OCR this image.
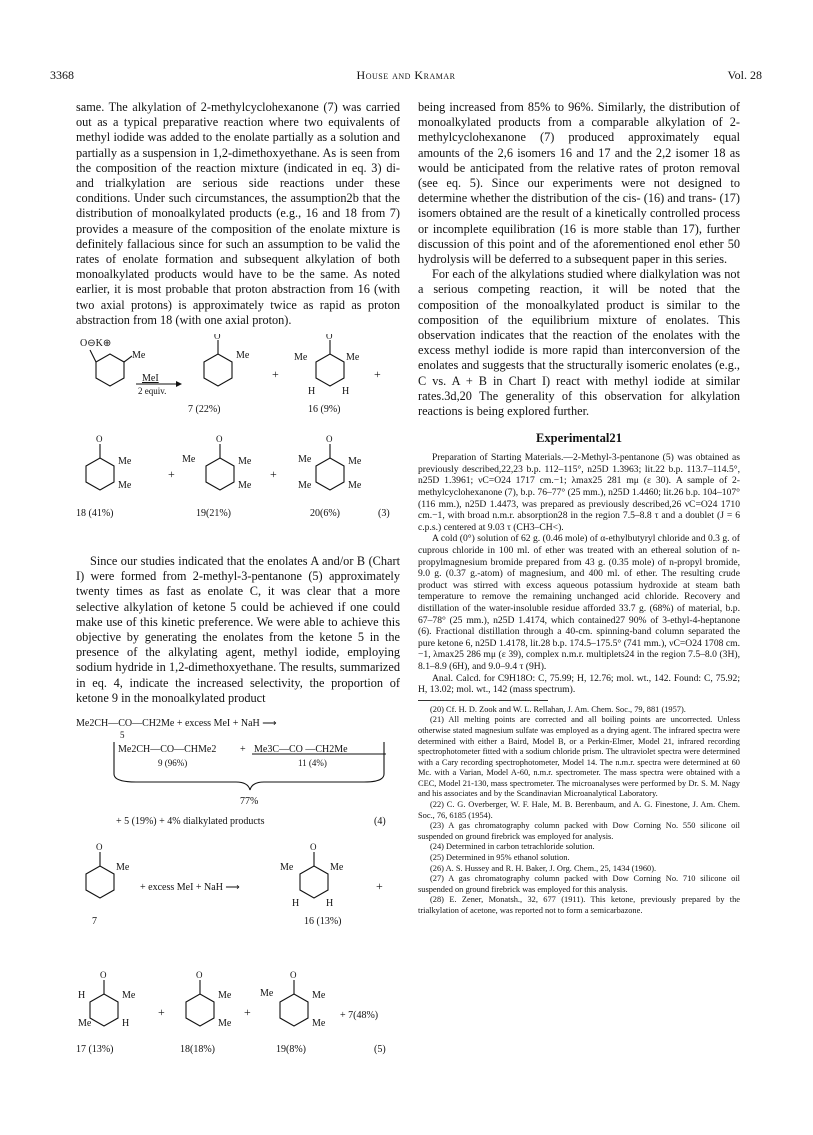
3368	House and Kramar	Vol. 28

same. The alkylation of 2-methylcyclohexanone (7) was carried out as a typical preparative reaction where two equivalents of methyl iodide was added to the enolate partially as a solution and partially as a suspension in 1,2-dimethoxyethane. As is seen from the composition of the reaction mixture (indicated in eq. 3) di- and trialkylation are serious side reactions under these conditions. Under such circumstances, the assumption2b that the distribution of monoalkylated products (e.g., 16 and 18 from 7) provides a measure of the composition of the enolate mixture is definitely fallacious since for such an assumption to be valid the rates of enolate formation and subsequent alkylation of both monoalkylated products would have to be the same. As noted earlier, it is most probable that proton abstraction from 16 (with two axial protons) is approximately twice as rapid as proton abstraction from 18 (with one axial proton).

O⊖K⊕
Me
MeI
2 equiv.
O
Me
7 (22%)
+
O
Me	Me
H	H
16 (9%)
+
O
Me
Me
18 (41%)
+
O
Me	Me
Me
19(21%)
+
O
Me	Me
Me	Me
20(6%)	(3)

Since our studies indicated that the enolates A and/or B (Chart I) were formed from 2-methyl-3-pentanone (5) approximately twenty times as fast as enolate C, it was clear that a more selective alkylation of ketone 5 could be achieved if one could make use of this kinetic preference. We were able to achieve this objective by generating the enolates from the ketone 5 in the presence of the alkylating agent, methyl iodide, employing sodium hydride in 1,2-dimethoxyethane. The results, summarized in eq. 4, indicate the increased selectivity, the proportion of ketone 9 in the monoalkylated product

Me2CH—CO—CH2Me + excess MeI + NaH ⟶
5
Me2CH—CO—CHMe2 + Me3C—CO —CH2Me
9 (96%)	11 (4%)
77%
+ 5 (19%) + 4% dialkylated products	(4)
O
Me
7
+ excess MeI + NaH ⟶
O
Me	Me
H	H
+
16 (13%)
O
H	Me
Me	H
17 (13%)
+
O
Me
Me
18(18%)
+
O
Me	Me
Me
+ 7(48%)
19(8%)	(5)

being increased from 85% to 96%. Similarly, the distribution of monoalkylated products from a comparable alkylation of 2-methylcyclohexanone (7) produced approximately equal amounts of the 2,6 isomers 16 and 17 and the 2,2 isomer 18 as would be anticipated from the relative rates of proton removal (see eq. 5). Since our experiments were not designed to determine whether the distribution of the cis- (16) and trans- (17) isomers obtained are the result of a kinetically controlled process or incomplete equilibration (16 is more stable than 17), further discussion of this point and of the aforementioned enol ether 50 hydrolysis will be deferred to a subsequent paper in this series.

For each of the alkylations studied where dialkylation was not a serious competing reaction, it will be noted that the composition of the monoalkylated product is similar to the composition of the equilibrium mixture of enolates. This observation indicates that the reaction of the enolates with the excess methyl iodide is more rapid than interconversion of the enolates and suggests that the structurally isomeric enolates (e.g., C vs. A + B in Chart I) react with methyl iodide at similar rates.3d,20 The generality of this observation for alkylation reactions is being explored further.

Experimental21

Preparation of Starting Materials.—2-Methyl-3-pentanone (5) was obtained as previously described,22,23 b.p. 112–115°, n25D 1.3963; lit.22 b.p. 113.7–114.5°, n25D 1.3961; νC=O24 1717 cm.−1; λmax25 281 mμ (ε 30). A sample of 2-methylcyclohexanone (7), b.p. 76–77° (25 mm.), n25D 1.4460; lit.26 b.p. 104–107° (116 mm.), n25D 1.4473, was prepared as previously described,26 νC=O24 1710 cm.−1, with broad n.m.r. absorption28 in the region 7.5–8.8 τ and a doublet (J = 6 c.p.s.) centered at 9.03 τ (CH3–CH<).

A cold (0°) solution of 62 g. (0.46 mole) of α-ethylbutyryl chloride and 0.3 g. of cuprous chloride in 100 ml. of ether was treated with an ethereal solution of n-propylmagnesium bromide prepared from 43 g. (0.35 mole) of n-propyl bromide, 9.0 g. (0.37 g.-atom) of magnesium, and 400 ml. of ether. The resulting crude product was stirred with excess aqueous potassium hydroxide at steam bath temperature to remove the remaining unchanged acid chloride. Recovery and distillation of the water-insoluble residue afforded 33.7 g. (68%) of material, b.p. 67–78° (25 mm.), n25D 1.4174, which contained27 90% of 3-ethyl-4-heptanone (6). Fractional distillation through a 40-cm. spinning-band column separated the pure ketone 6, n25D 1.4178, lit.28 b.p. 174.5–175.5° (741 mm.), νC=O24 1708 cm.−1, λmax25 286 mμ (ε 39), complex n.m.r. multiplets24 in the region 7.5–8.0 (3H), 8.1–8.9 (6H), and 9.0–9.4 τ (9H).

Anal. Calcd. for C9H18O: C, 75.99; H, 12.76; mol. wt., 142. Found: C, 75.92; H, 13.02; mol. wt., 142 (mass spectrum).

(20) Cf. H. D. Zook and W. L. Rellahan, J. Am. Chem. Soc., 79, 881 (1957).

(21) All melting points are corrected and all boiling points are uncorrected. Unless otherwise stated magnesium sulfate was employed as a drying agent. The infrared spectra were determined with either a Baird, Model B, or a Perkin-Elmer, Model 21, infrared recording spectrophotometer fitted with a sodium chloride prism. The ultraviolet spectra were determined with a Cary recording spectrophotometer, Model 14. The n.m.r. spectra were determined at 60 Mc. with a Varian, Model A-60, n.m.r. spectrometer. The mass spectra were obtained with a CEC, Model 21-130, mass spectrometer. The microanalyses were performed by Dr. S. M. Nagy and his associates and by the Scandinavian Microanalytical Laboratory.

(22) C. G. Overberger, W. F. Hale, M. B. Berenbaum, and A. G. Finestone, J. Am. Chem. Soc., 76, 6185 (1954).

(23) A gas chromatography column packed with Dow Corning No. 550 silicone oil suspended on ground firebrick was employed for analysis.

(24) Determined in carbon tetrachloride solution.

(25) Determined in 95% ethanol solution.

(26) A. S. Hussey and R. H. Baker, J. Org. Chem., 25, 1434 (1960).

(27) A gas chromatography column packed with Dow Corning No. 710 silicone oil suspended on ground firebrick was employed for this analysis.

(28) E. Zener, Monatsh., 32, 677 (1911). This ketone, previously prepared by the trialkylation of acetone, was reported not to form a semicarbazone.
